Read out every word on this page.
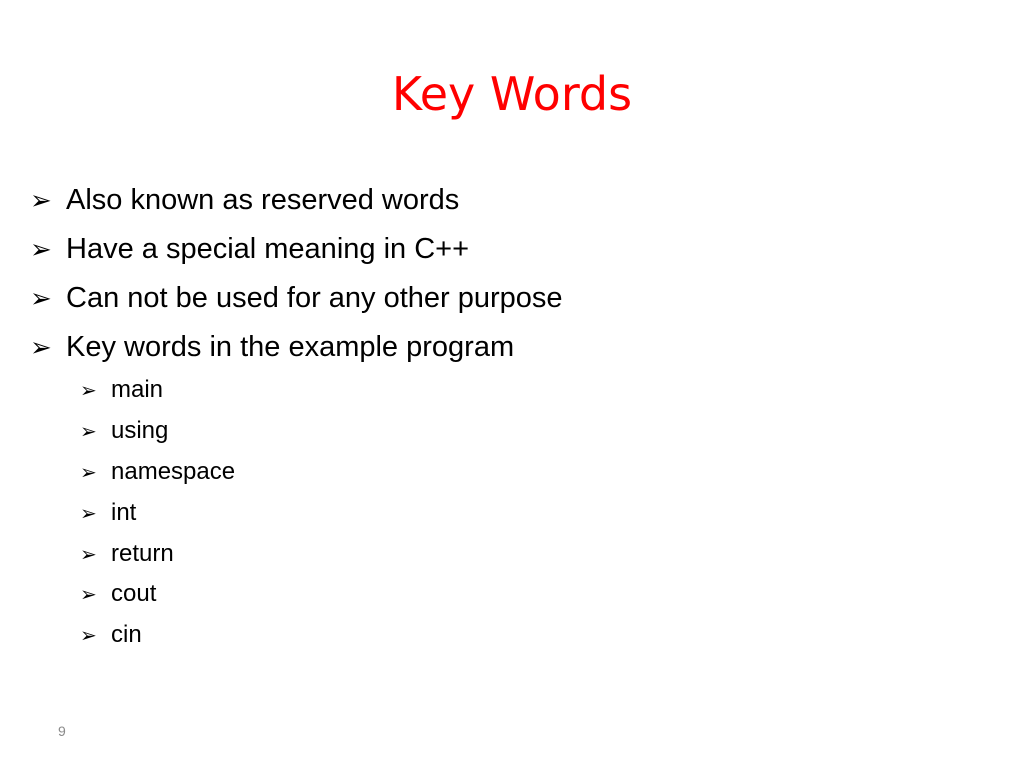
Key Words
➢ Also known as reserved words
➢ Have a special meaning in C++
➢ Can not be used for any other purpose
➢ Key words in the example program
➢ main
➢ using
➢ namespace
➢ int
➢ return
➢ cout
➢ cin
9
